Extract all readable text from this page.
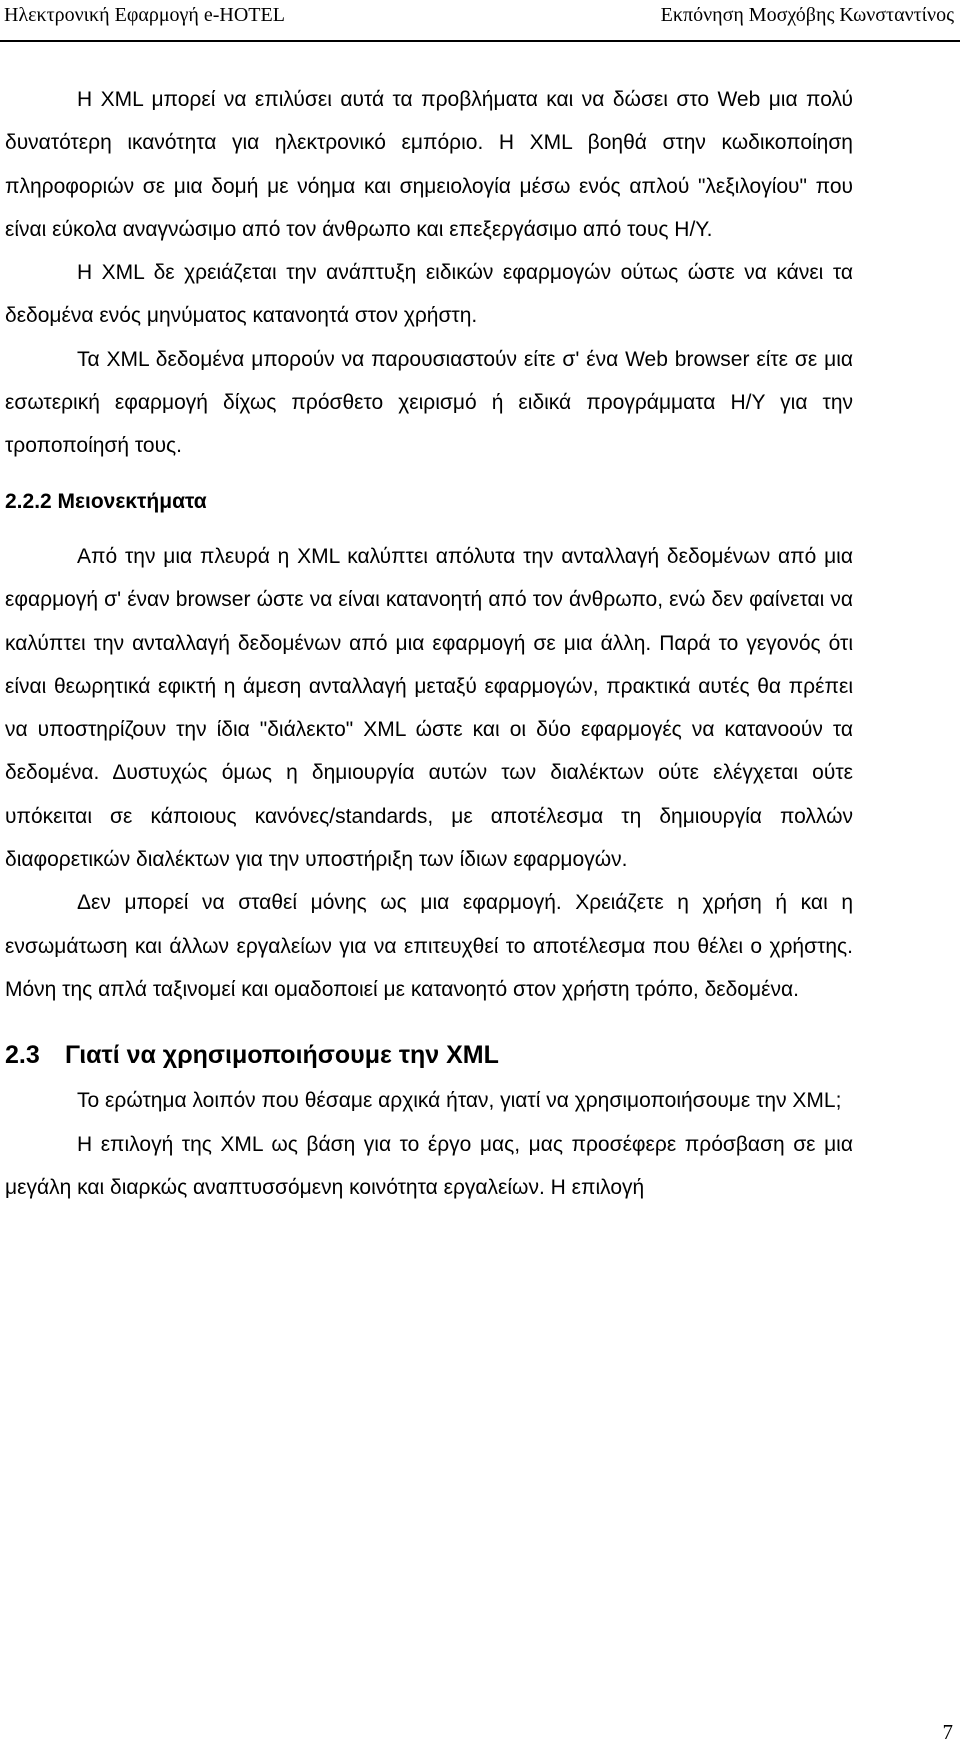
Ηλεκτρονική Εφαρμογή e-HOTEL	Εκπόνηση Μοσχόβης Κωνσταντίνος

Η XML μπορεί να επιλύσει αυτά τα προβλήματα και να δώσει στο Web μια πολύ δυνατότερη ικανότητα για ηλεκτρονικό εμπόριο. Η XML βοηθά στην κωδικοποίηση πληροφοριών σε μια δομή με νόημα και σημειολογία μέσω ενός απλού "λεξιλογίου" που είναι εύκολα αναγνώσιμο από τον άνθρωπο και επεξεργάσιμο από τους Η/Υ.

Η XML δε χρειάζεται την ανάπτυξη ειδικών εφαρμογών ούτως ώστε να κάνει τα δεδομένα ενός μηνύματος κατανοητά στον χρήστη.

Τα XML δεδομένα μπορούν να παρουσιαστούν είτε σ' ένα Web browser είτε σε μια εσωτερική εφαρμογή δίχως πρόσθετο χειρισμό ή ειδικά προγράμματα Η/Υ για την τροποποίησή τους.

2.2.2 Μειονεκτήματα

Από την μια πλευρά η XML καλύπτει απόλυτα την ανταλλαγή δεδομένων από μια εφαρμογή σ' έναν browser ώστε να είναι κατανοητή από τον άνθρωπο, ενώ δεν φαίνεται να καλύπτει την ανταλλαγή δεδομένων από μια εφαρμογή σε μια άλλη. Παρά το γεγονός ότι είναι θεωρητικά εφικτή η άμεση ανταλλαγή μεταξύ εφαρμογών, πρακτικά αυτές θα πρέπει να υποστηρίζουν την ίδια "διάλεκτο" XML ώστε και οι δύο εφαρμογές να κατανοούν τα δεδομένα. Δυστυχώς όμως η δημιουργία αυτών των διαλέκτων ούτε ελέγχεται ούτε υπόκειται σε κάποιους κανόνες/standards, με αποτέλεσμα τη δημιουργία πολλών διαφορετικών διαλέκτων για την υποστήριξη των ίδιων εφαρμογών.

Δεν μπορεί να σταθεί μόνης ως μια εφαρμογή. Χρειάζετε η χρήση ή και η ενσωμάτωση και άλλων εργαλείων για να επιτευχθεί το αποτέλεσμα που θέλει ο χρήστης. Μόνη της απλά ταξινομεί και ομαδοποιεί με κατανοητό στον χρήστη τρόπο, δεδομένα.

2.3 Γιατί να χρησιμοποιήσουμε την XML

Το ερώτημα λοιπόν που θέσαμε αρχικά ήταν, γιατί να χρησιμοποιήσουμε την XML;

Η επιλογή της XML ως βάση για το έργο μας, μας προσέφερε πρόσβαση σε μια μεγάλη και διαρκώς αναπτυσσόμενη κοινότητα εργαλείων. Η επιλογή

7
